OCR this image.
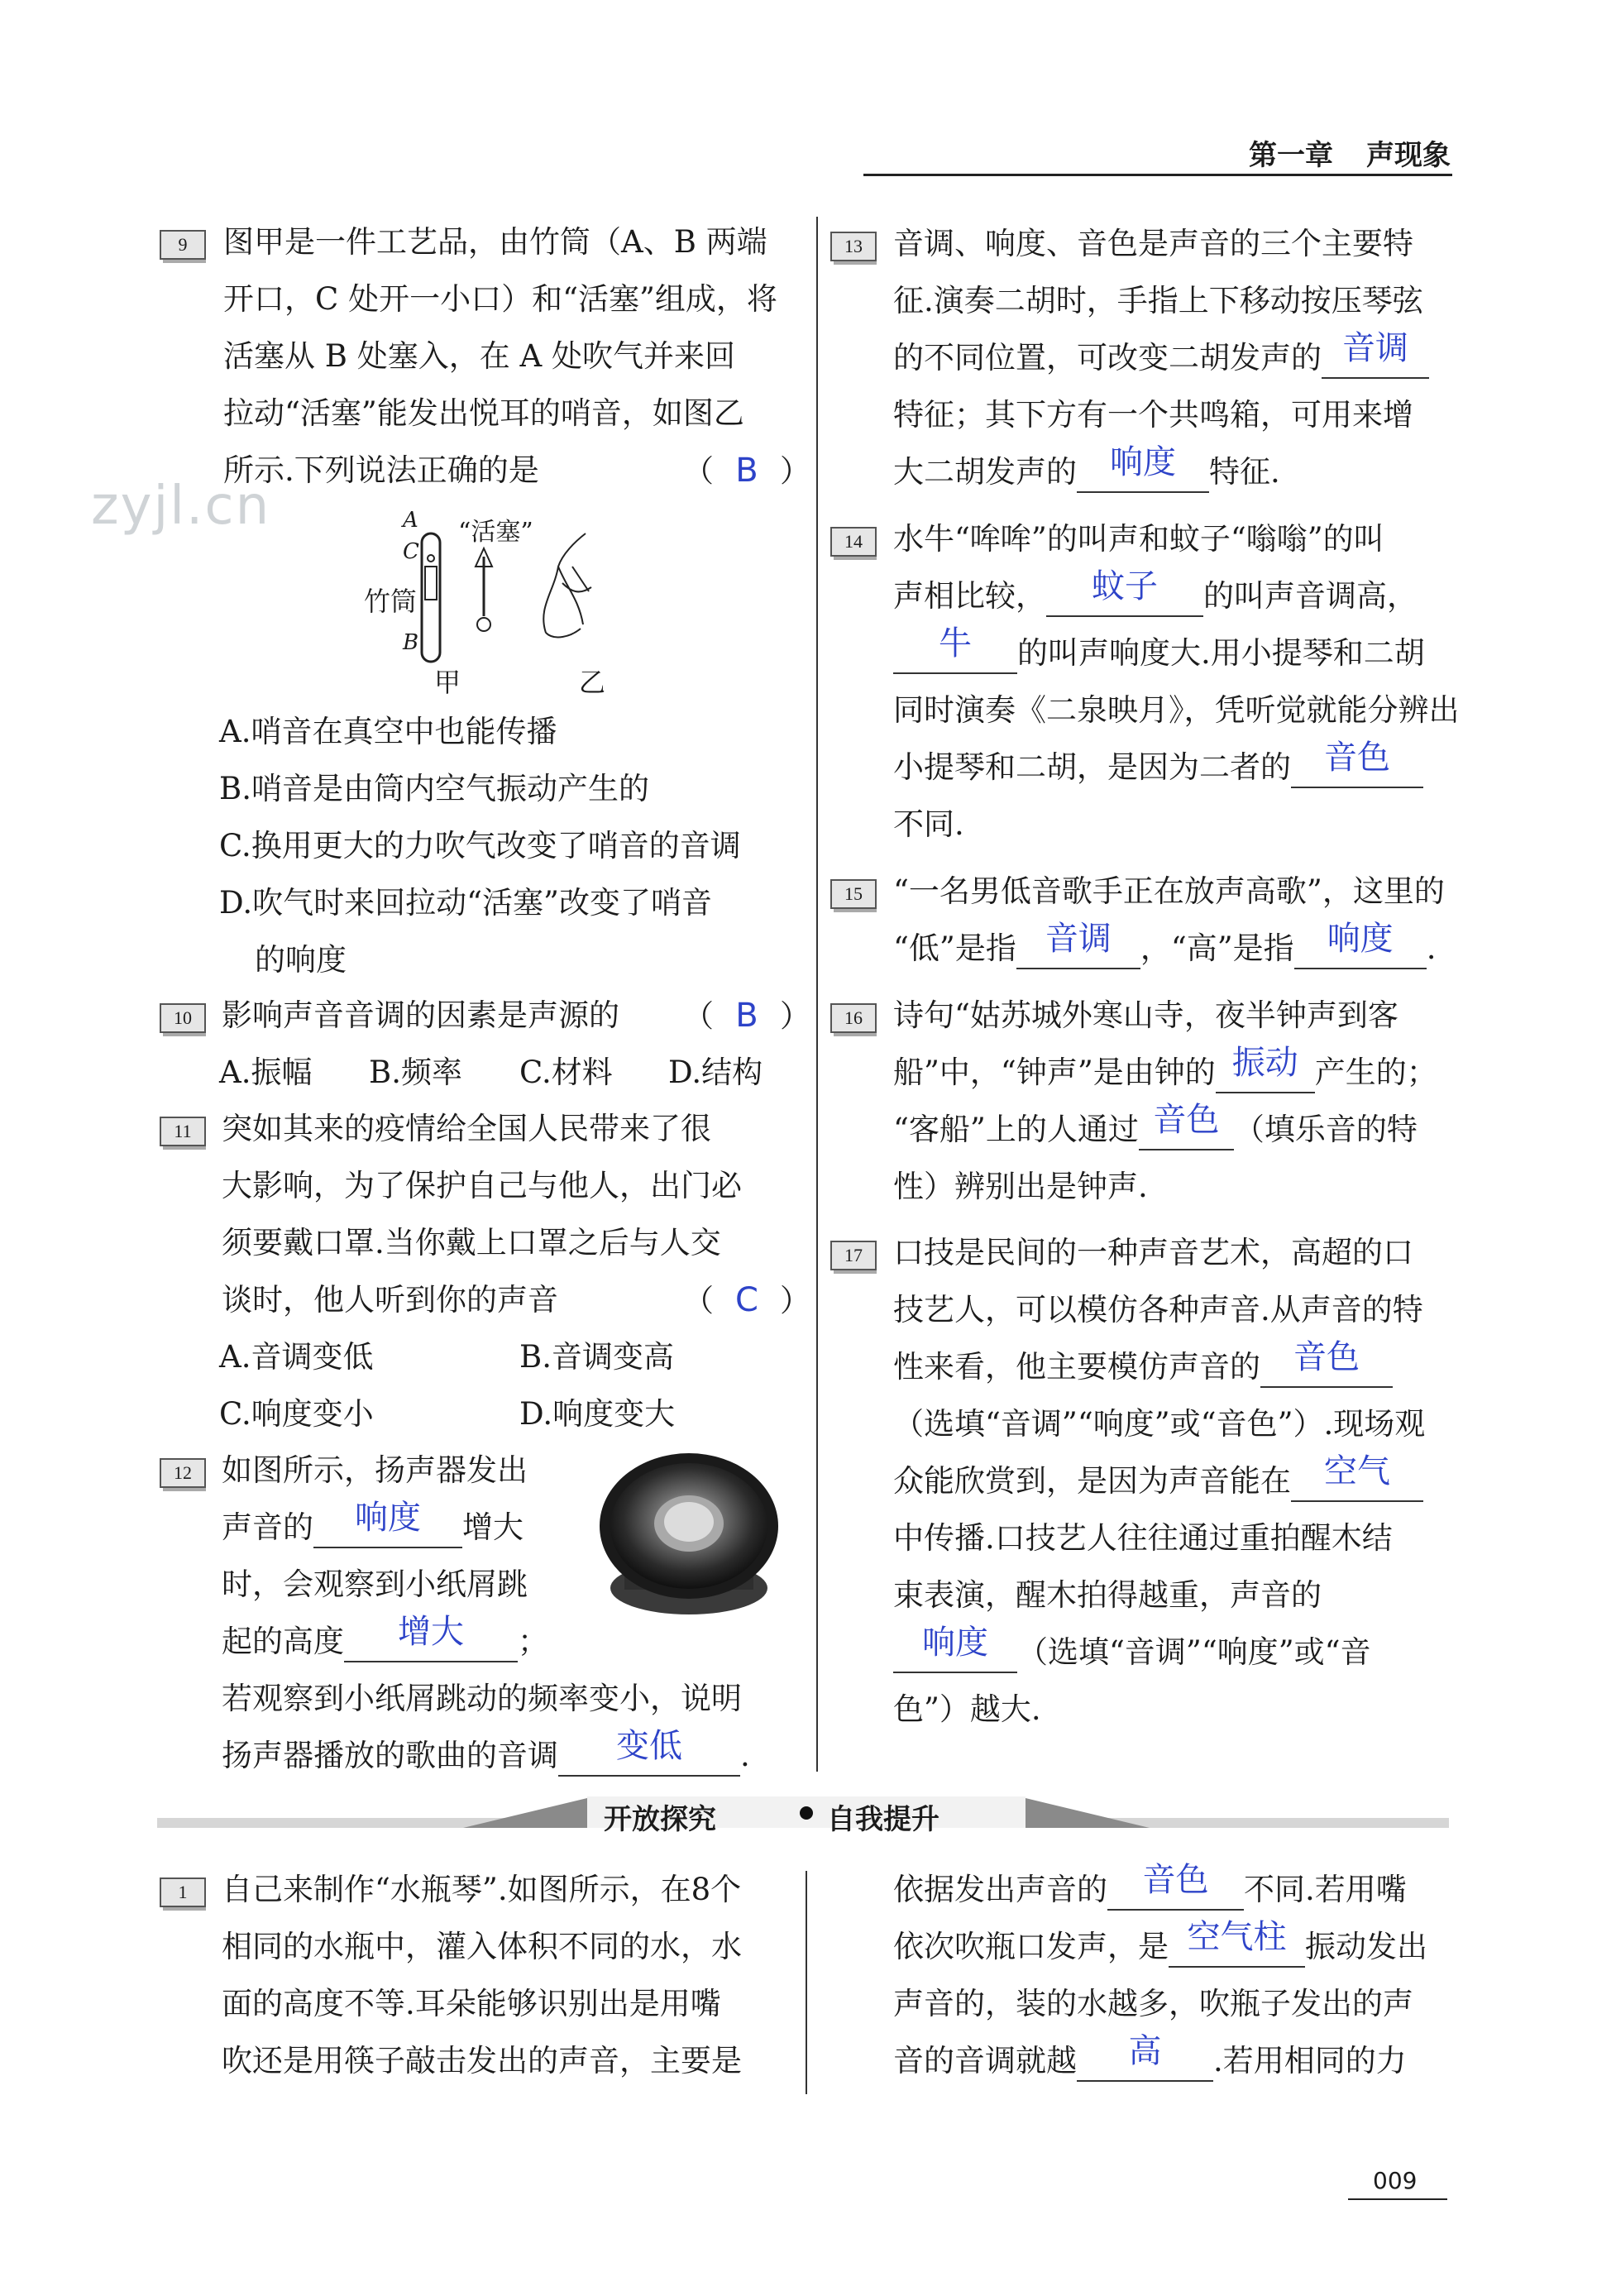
第一章 声现象
zyjl.cn
9	图甲是一件工艺品，由竹筒（A、B 两端
开口，C 处开一小口）和“活塞”组成，将
活塞从 B 处塞入，在 A 处吹气并来回
拉动“活塞”能发出悦耳的哨音，如图乙
所示.下列说法正确的是	（ B ）
A
C
B
竹筒
“活塞”
甲	乙
A.哨音在真空中也能传播
B.哨音是由筒内空气振动产生的
C.换用更大的力吹气改变了哨音的音调
D.吹气时来回拉动“活塞”改变了哨音
的响度
10 影响声音音调的因素是声源的 （ B ）
A.振幅 B.频率 C.材料 D.结构
11 突如其来的疫情给全国人民带来了很
大影响，为了保护自己与他人，出门必
须要戴口罩.当你戴上口罩之后与人交
谈时，他人听到你的声音	（ C ）
A.音调变低	B.音调变高
C.响度变小	D.响度变大
12 如图所示，扬声器发出
声音的 响度 增大
时，会观察到小纸屑跳
起的高度 增大 ；
若观察到小纸屑跳动的频率变小，说明
扬声器播放的歌曲的音调 变低 .
13	音调、响度、音色是声音的三个主要特
征.演奏二胡时，手指上下移动按压琴弦
的不同位置，可改变二胡发声的 音调
特征；其下方有一个共鸣箱，可用来增
大二胡发声的 响度 特征.
14	水牛“哞哞”的叫声和蚊子“嗡嗡”的叫
声相比较， 蚊子 的叫声音调高，
牛 的叫声响度大.用小提琴和二胡
同时演奏《二泉映月》，凭听觉就能分辨出
小提琴和二胡，是因为二者的 音色
不同.
15	“一名男低音歌手正在放声高歌”，这里的
“低”是指 音调 ，“高”是指 响度 .
16	诗句“姑苏城外寒山寺，夜半钟声到客
船”中，“钟声”是由钟的 振动 产生的；
“客船”上的人通过 音色 （填乐音的特
性）辨别出是钟声.
17	口技是民间的一种声音艺术，高超的口
技艺人，可以模仿各种声音.从声音的特
性来看，他主要模仿声音的 音色
（选填“音调”“响度”或“音色”）.现场观
众能欣赏到，是因为声音能在 空气
中传播.口技艺人往往通过重拍醒木结
束表演，醒木拍得越重，声音的
响度 （选填“音调”“响度”或“音
色”）越大.
开放探究	自我提升
1	自己来制作“水瓶琴”.如图所示，在8个
相同的水瓶中，灌入体积不同的水，水
面的高度不等.耳朵能够识别出是用嘴
吹还是用筷子敲击发出的声音，主要是
依据发出声音的 音色 不同.若用嘴
依次吹瓶口发声，是 空气柱 振动发出
声音的，装的水越多，吹瓶子发出的声
音的音调就越 高 .若用相同的力
009
